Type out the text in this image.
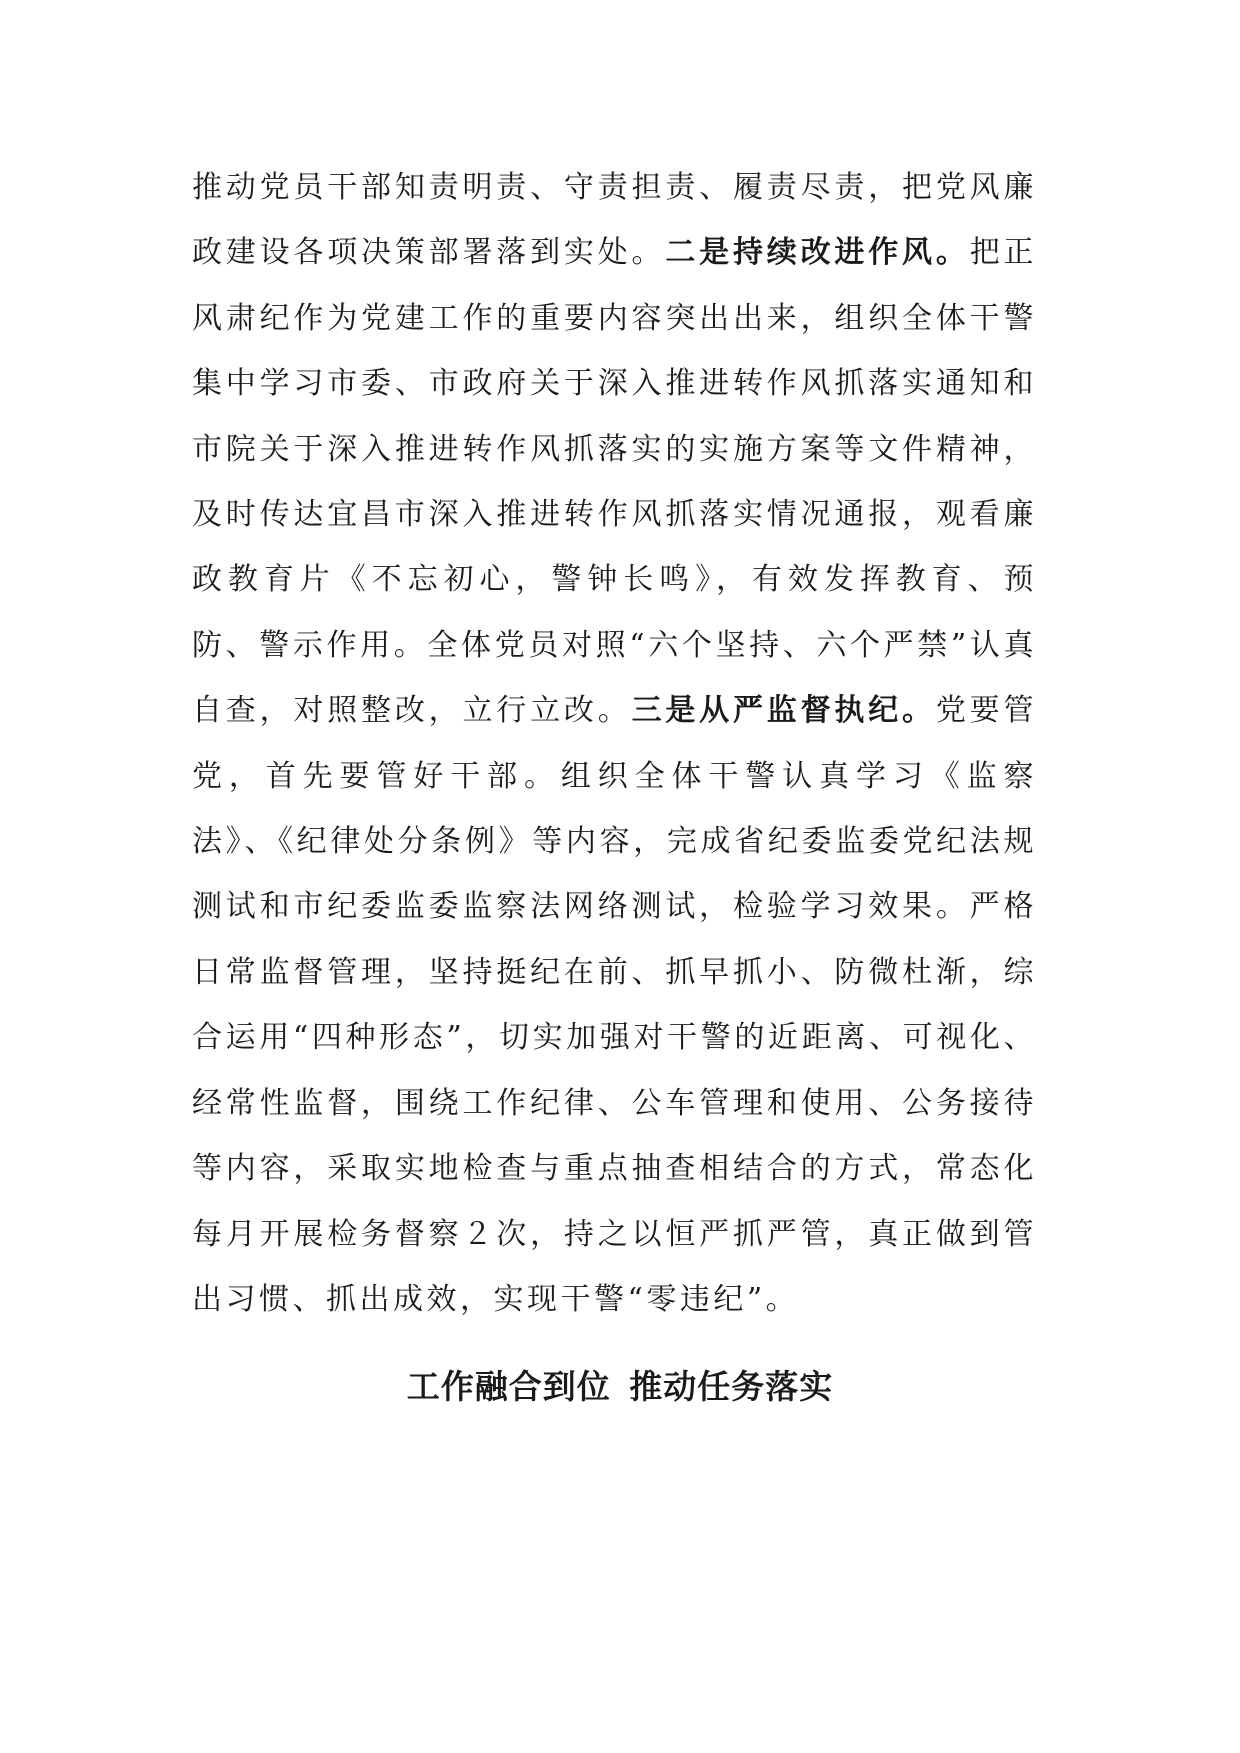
推动党员干部知责明责、守责担责、履责尽责，把党风廉政建设各项决策部署落到实处。二是持续改进作风。把正风肃纪作为党建工作的重要内容突出出来，组织全体干警集中学习市委、市政府关于深入推进转作风抓落实通知和市院关于深入推进转作风抓落实的实施方案等文件精神，及时传达宜昌市深入推进转作风抓落实情况通报，观看廉政教育片《不忘初心，警钟长鸣》，有效发挥教育、预防、警示作用。全体党员对照“六个坚持、六个严禁”认真自查，对照整改，立行立改。三是从严监督执纪。党要管党，首先要管好干部。组织全体干警认真学习《监察法》、《纪律处分条例》等内容，完成省纪委监委党纪法规测试和市纪委监委监察法网络测试，检验学习效果。严格日常监督管理，坚持挺纪在前、抓早抓小、防微杜渐，综合运用“四种形态”，切实加强对干警的近距离、可视化、经常性监督，围绕工作纪律、公车管理和使用、公务接待等内容，采取实地检查与重点抽查相结合的方式，常态化每月开展检务督察２次，持之以恒严抓严管，真正做到管出习惯、抓出成效，实现干警“零违纪”。

工作融合到位 推动任务落实
